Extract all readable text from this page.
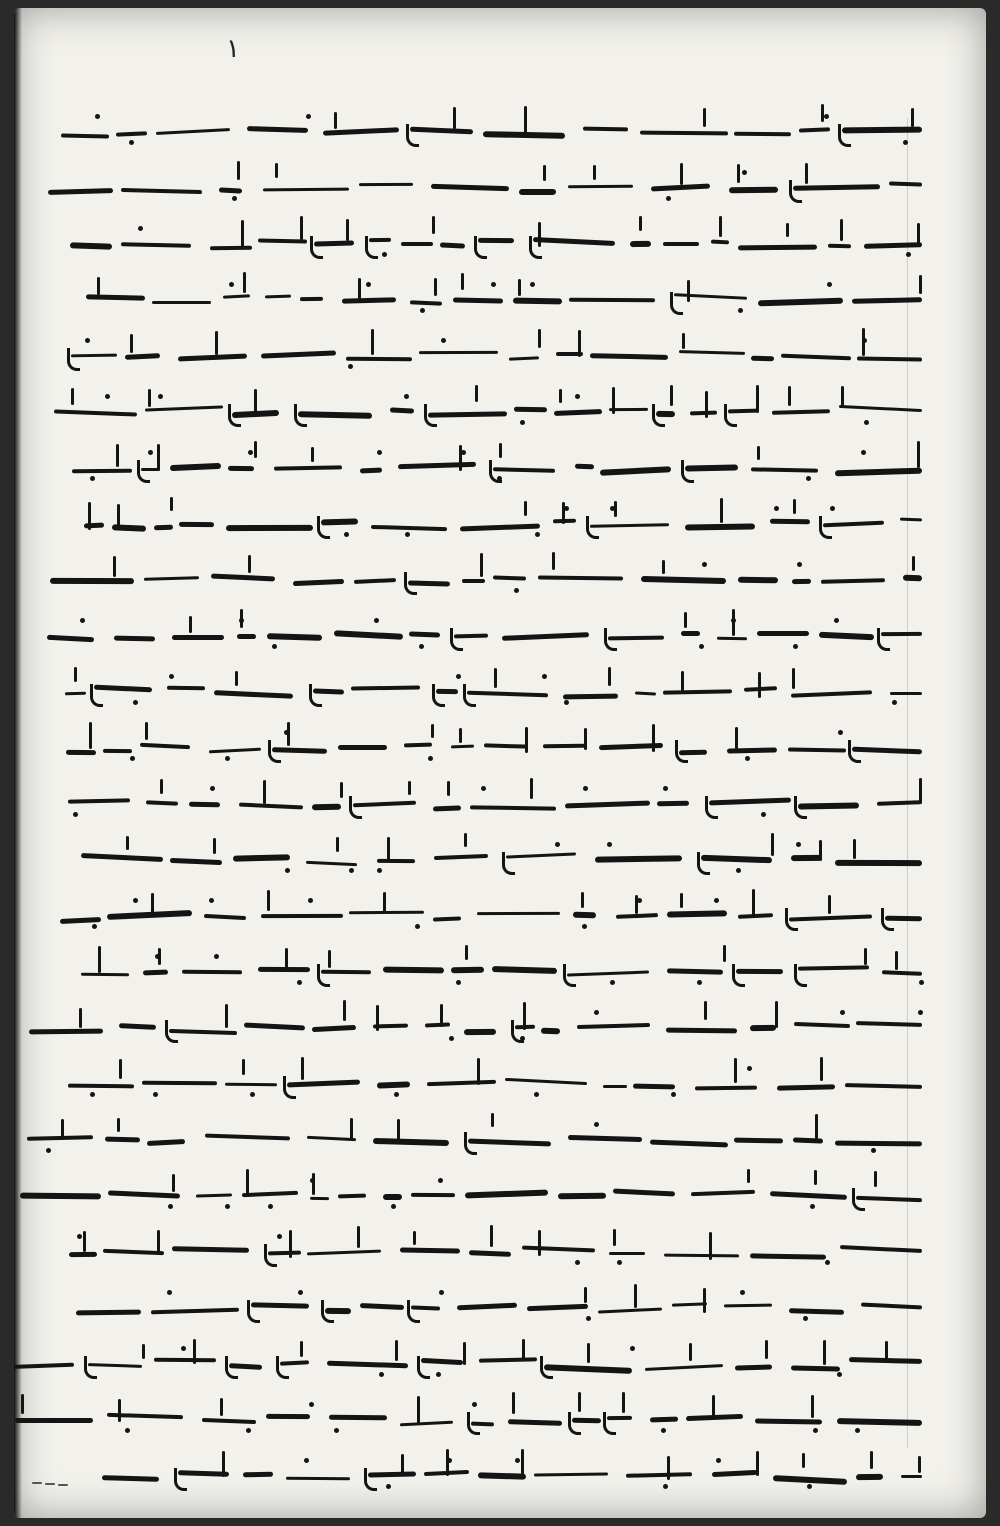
١
